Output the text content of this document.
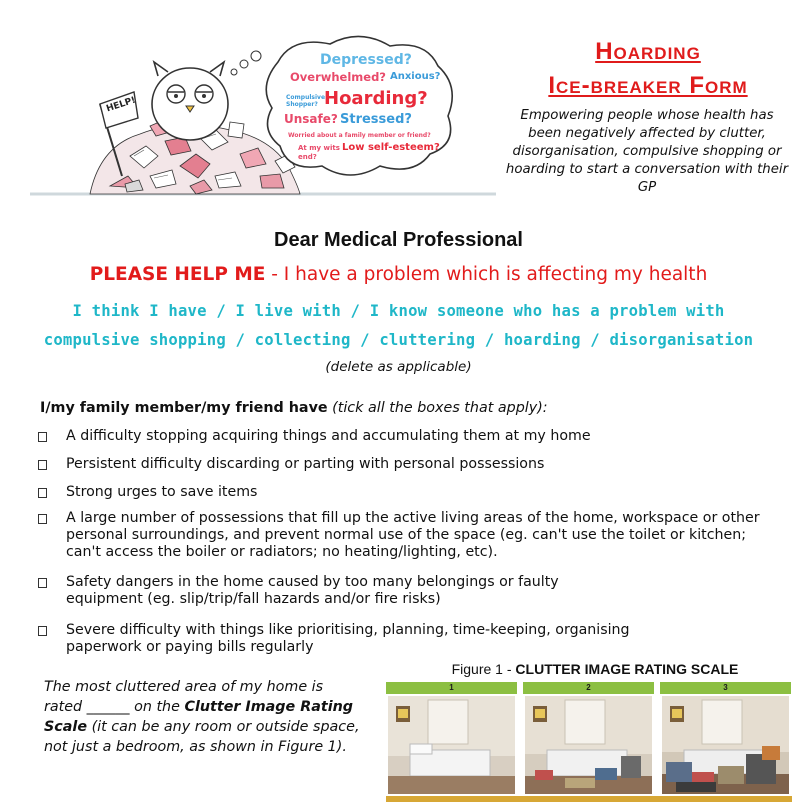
HELP!
Depressed?
Overwhelmed? Anxious?
Compulsive Shopper? Hoarding?
Unsafe? Stressed?
Worried about a family member or friend?
At my wits end?
Low self-esteem?
Hoarding
Ice-breaker Form
Empowering people whose health has been negatively affected by clutter, disorganisation, compulsive shopping or hoarding to start a conversation with their GP
Dear Medical Professional
PLEASE HELP ME - I have a problem which is affecting my health
I think I have / I live with / I know someone who has a problem with
compulsive shopping / collecting / cluttering / hoarding / disorganisation
(delete as applicable)
I/my family member/my friend have (tick all the boxes that apply):
A difficulty stopping acquiring things and accumulating them at my home
Persistent difficulty discarding or parting with personal possessions
Strong urges to save items
A large number of possessions that fill up the active living areas of the home, workspace or other personal surroundings, and prevent normal use of the space (eg. can't use the toilet or kitchen; can't access the boiler or radiators; no heating/lighting, etc).
Safety dangers in the home caused by too many belongings or faulty equipment (eg. slip/trip/fall hazards and/or fire risks)
Severe difficulty with things like prioritising, planning, time-keeping, organising paperwork or paying bills regularly
The most cluttered area of my home is rated ______ on the Clutter Image Rating Scale (it can be any room or outside space, not just a bedroom, as shown in Figure 1).
Figure 1 - CLUTTER IMAGE RATING SCALE
1	2	3
